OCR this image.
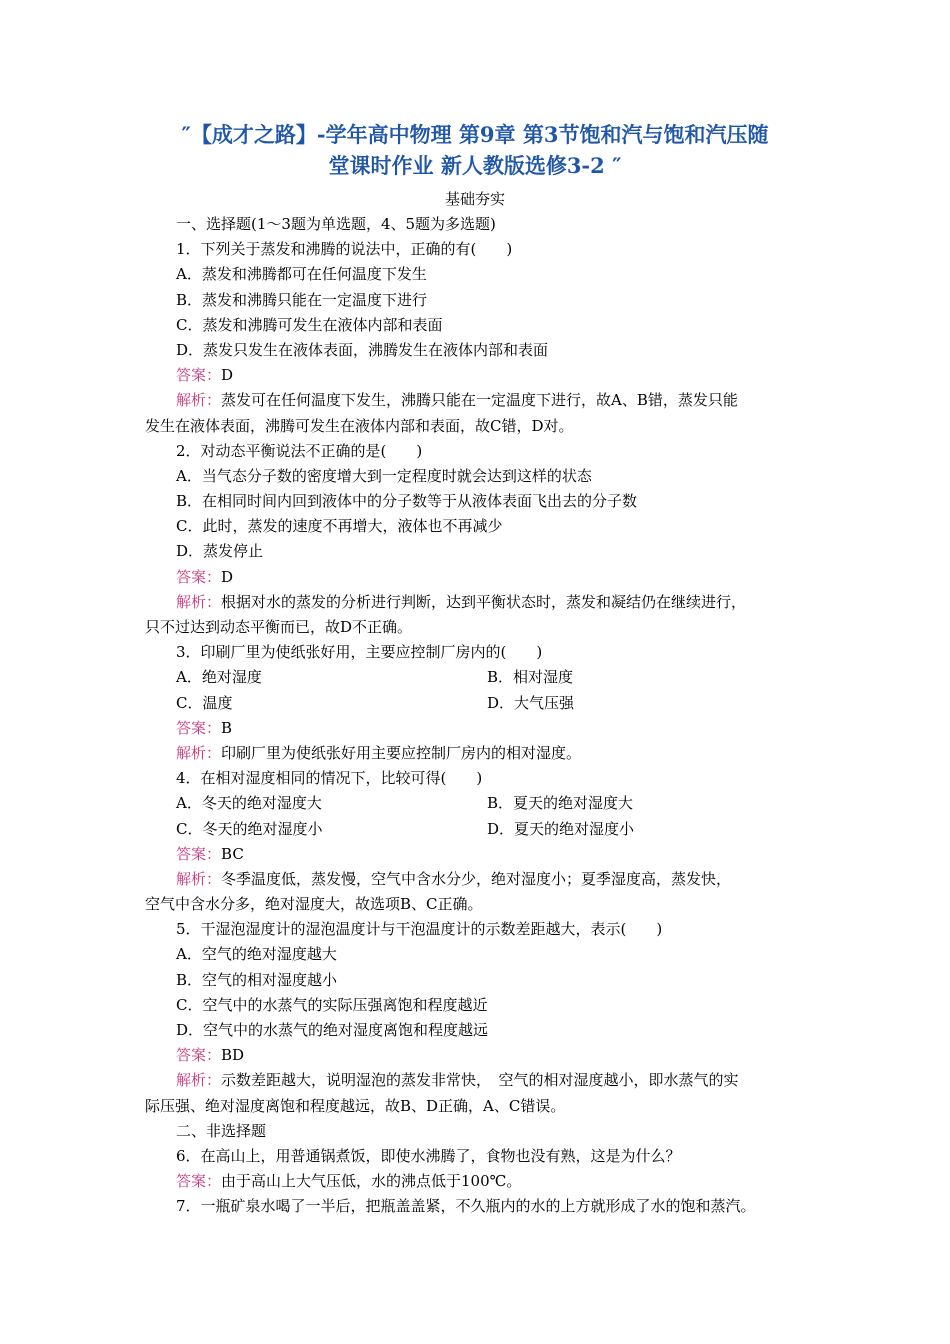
″【成才之路】-学年高中物理 第9章 第3节饱和汽与饱和汽压随
堂课时作业 新人教版选修3-2 ″
基础夯实
一、选择题(1～3题为单选题，4、5题为多选题)
1．下列关于蒸发和沸腾的说法中，正确的有(　　)
A．蒸发和沸腾都可在任何温度下发生
B．蒸发和沸腾只能在一定温度下进行
C．蒸发和沸腾可发生在液体内部和表面
D．蒸发只发生在液体表面，沸腾发生在液体内部和表面
答案：D
解析：蒸发可在任何温度下发生，沸腾只能在一定温度下进行，故A、B错，蒸发只能
发生在液体表面，沸腾可发生在液体内部和表面，故C错，D对。
2．对动态平衡说法不正确的是(　　)
A．当气态分子数的密度增大到一定程度时就会达到这样的状态
B．在相同时间内回到液体中的分子数等于从液体表面飞出去的分子数
C．此时，蒸发的速度不再增大，液体也不再减少
D．蒸发停止
答案：D
解析：根据对水的蒸发的分析进行判断，达到平衡状态时，蒸发和凝结仍在继续进行，
只不过达到动态平衡而已，故D不正确。
3．印刷厂里为使纸张好用，主要应控制厂房内的(　　)
A．绝对湿度	B．相对湿度
C．温度	D．大气压强
答案：B
解析：印刷厂里为使纸张好用主要应控制厂房内的相对湿度。
4．在相对湿度相同的情况下，比较可得(　　)
A．冬天的绝对湿度大	B．夏天的绝对湿度大
C．冬天的绝对湿度小	D．夏天的绝对湿度小
答案：BC
解析：冬季温度低，蒸发慢，空气中含水分少，绝对湿度小；夏季湿度高，蒸发快，
空气中含水分多，绝对湿度大，故选项B、C正确。
5．干湿泡湿度计的湿泡温度计与干泡温度计的示数差距越大，表示(　　)
A．空气的绝对湿度越大
B．空气的相对湿度越小
C．空气中的水蒸气的实际压强离饱和程度越近
D．空气中的水蒸气的绝对湿度离饱和程度越远
答案：BD
解析：示数差距越大，说明湿泡的蒸发非常快，　空气的相对湿度越小，即水蒸气的实
际压强、绝对湿度离饱和程度越远，故B、D正确，A、C错误。
二、非选择题
6．在高山上，用普通锅煮饭，即使水沸腾了，食物也没有熟，这是为什么？
答案：由于高山上大气压低，水的沸点低于100℃。
7．一瓶矿泉水喝了一半后，把瓶盖盖紧，不久瓶内的水的上方就形成了水的饱和蒸汽。
